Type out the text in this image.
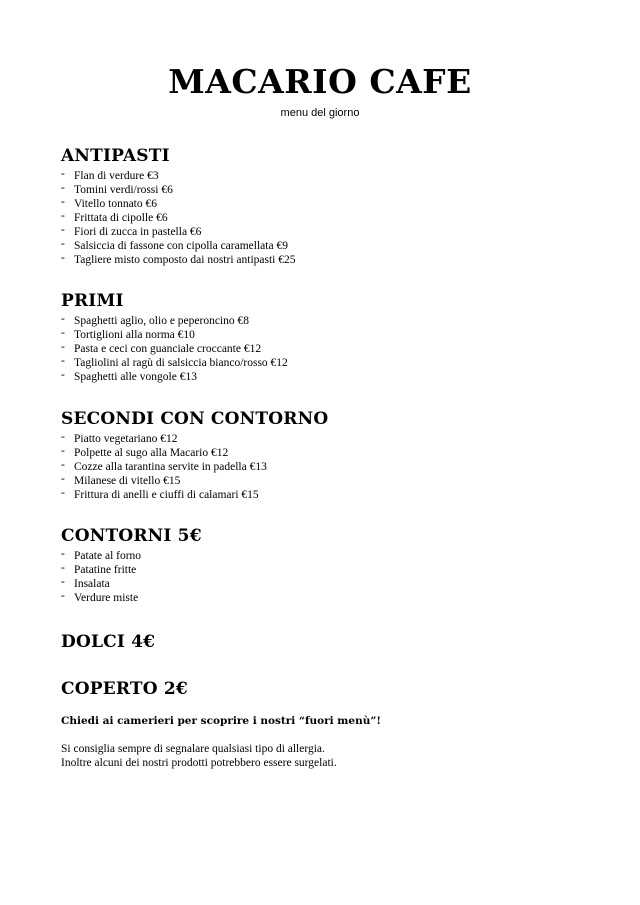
MACARIO CAFE

menu del giorno

ANTIPASTI
- Flan di verdure €3
- Tomini verdi/rossi €6
- Vitello tonnato €6
- Frittata di cipolle €6
- Fiori di zucca in pastella €6
- Salsiccia di fassone con cipolla caramellata €9
- Tagliere misto composto dai nostri antipasti €25
PRIMI
- Spaghetti aglio, olio e peperoncino €8
- Tortiglioni alla norma €10
- Pasta e ceci con guanciale croccante €12
- Tagliolini al ragù di salsiccia bianco/rosso €12
- Spaghetti alle vongole €13
SECONDI CON CONTORNO
- Piatto vegetariano €12
- Polpette al sugo alla Macario €12
- Cozze alla tarantina servite in padella €13
- Milanese di vitello €15
- Frittura di anelli e ciuffi di calamari €15
CONTORNI 5€
- Patate al forno
- Patatine fritte
- Insalata
- Verdure miste
DOLCI 4€
COPERTO 2€

Chiedi ai camerieri per scoprire i nostri “fuori menù”!

Si consiglia sempre di segnalare qualsiasi tipo di allergia.
Inoltre alcuni dei nostri prodotti potrebbero essere surgelati.
